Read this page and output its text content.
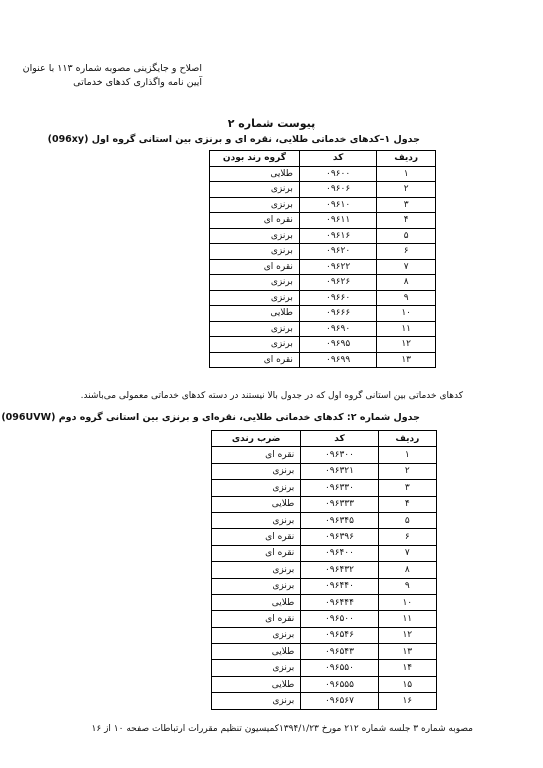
اصلاح و جایگزینی مصوبه شماره ۱۱۳ با عنوان
آیین نامه واگذاری کدهای خدماتی
پیوست شماره ۲
جدول ۱–کدهای خدماتی طلایی، نقره ای و برنزی بین استانی گروه اول (096xy)
ردیف	کد	گروه رند بودن
۱	۰۹۶۰۰	طلایی
۲	۰۹۶۰۶	برنزی
۳	۰۹۶۱۰	برنزی
۴	۰۹۶۱۱	نقره ای
۵	۰۹۶۱۶	برنزی
۶	۰۹۶۲۰	برنزی
۷	۰۹۶۲۲	نقره ای
۸	۰۹۶۲۶	برنزی
۹	۰۹۶۶۰	برنزی
۱۰	۰۹۶۶۶	طلایی
۱۱	۰۹۶۹۰	برنزی
۱۲	۰۹۶۹۵	برنزی
۱۳	۰۹۶۹۹	نقره ای
کدهای خدماتی بین استانی گروه اول که در جدول بالا نیستند در دسته کدهای خدماتی معمولی می‌باشند.
جدول شماره ۲: کدهای خدماتی طلایی، نقره‌ای و برنزی بین استانی گروه دوم (096UVW)
ردیف	کد	ضرب رندی
۱	۰۹۶۳۰۰	نقره ای
۲	۰۹۶۳۲۱	برنزی
۳	۰۹۶۳۳۰	برنزی
۴	۰۹۶۳۳۳	طلایی
۵	۰۹۶۳۴۵	برنزی
۶	۰۹۶۳۹۶	نقره ای
۷	۰۹۶۴۰۰	نقره ای
۸	۰۹۶۴۳۲	برنزی
۹	۰۹۶۴۴۰	برنزی
۱۰	۰۹۶۴۴۴	طلایی
۱۱	۰۹۶۵۰۰	نقره ای
۱۲	۰۹۶۵۴۶	برنزی
۱۳	۰۹۶۵۴۳	طلایی
۱۴	۰۹۶۵۵۰	برنزی
۱۵	۰۹۶۵۵۵	طلایی
۱۶	۰۹۶۵۶۷	برنزی
مصوبه شماره ۳ جلسه شماره ۲۱۲ مورخ ۱۳۹۴/۱/۲۳کمیسیون تنظیم مقررات ارتباطات صفحه ۱۰ از ۱۶
